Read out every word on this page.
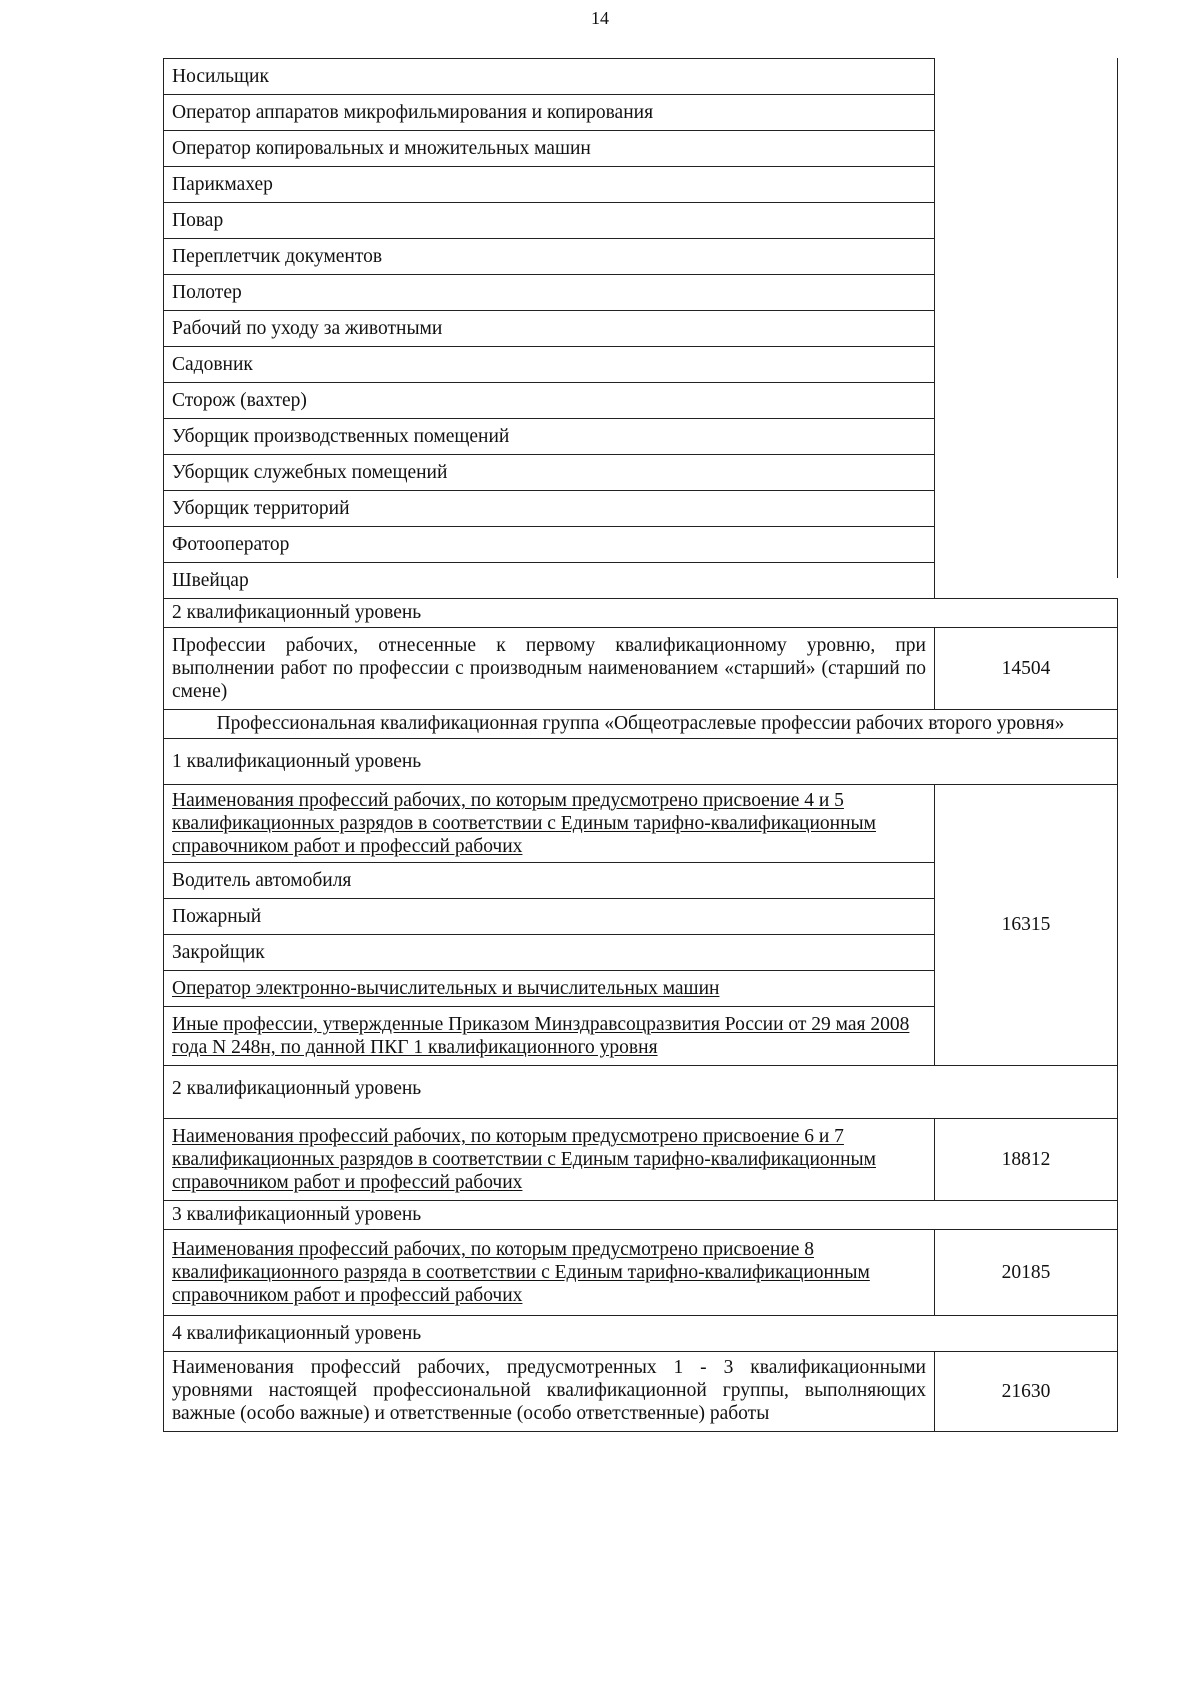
14
Носильщик	
Оператор аппаратов микрофильмирования и копирования	
Оператор копировальных и множительных машин	
Парикмахер	
Повар	
Переплетчик документов	
Полотер	
Рабочий по уходу за животными	
Садовник	
Сторож (вахтер)	
Уборщик производственных помещений	
Уборщик служебных помещений	
Уборщик территорий	
Фотооператор	
Швейцар	
2 квалификационный уровень	
Профессии рабочих, отнесенные к первому квалификационному уровню, при выполнении работ по профессии с производным наименованием «старший» (старший по смене)	14504
Профессиональная квалификационная группа «Общеотраслевые профессии рабочих второго уровня»	
1 квалификационный уровень	
Наименования профессий рабочих, по которым предусмотрено присвоение 4 и 5 квалификационных разрядов в соответствии с Единым тарифно-квалификационным справочником работ и профессий рабочих	16315
Водитель автомобиля	
Пожарный	
Закройщик	
Оператор электронно-вычислительных и вычислительных машин	
Иные профессии, утвержденные Приказом Минздравсоцразвития России от 29 мая 2008 года N 248н, по данной ПКГ 1 квалификационного уровня	
2 квалификационный уровень	
Наименования профессий рабочих, по которым предусмотрено присвоение 6 и 7 квалификационных разрядов в соответствии с Единым тарифно-квалификационным справочником работ и профессий рабочих	18812
3 квалификационный уровень	
Наименования профессий рабочих, по которым предусмотрено присвоение 8 квалификационного разряда в соответствии с Единым тарифно-квалификационным справочником работ и профессий рабочих	20185
4 квалификационный уровень	
Наименования профессий рабочих, предусмотренных 1 - 3 квалификационными уровнями настоящей профессиональной квалификационной группы, выполняющих важные (особо важные) и ответственные (особо ответственные) работы	21630
